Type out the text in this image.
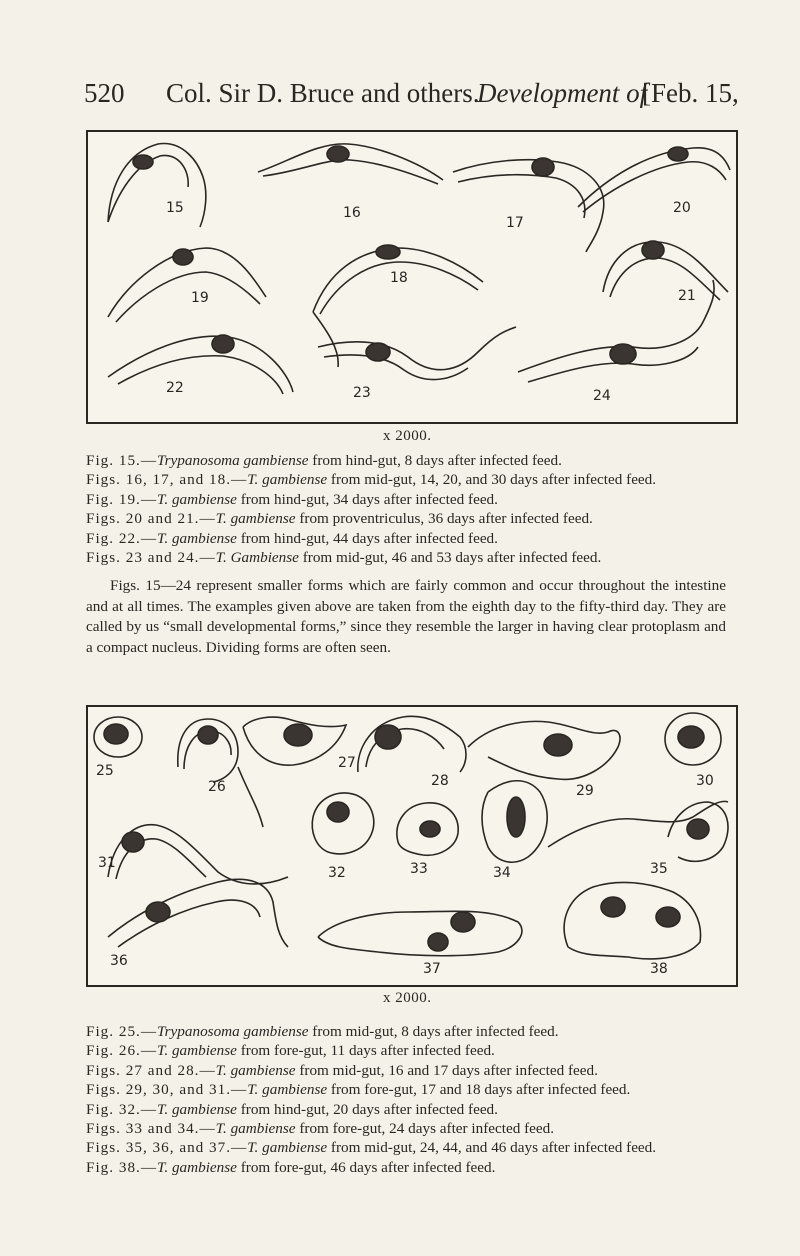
520 Col. Sir D. Bruce and others.
Development of
[Feb. 15,
15	16
17
18
19
20
21
22	23	24
x 2000.
Fig. 15.—Trypanosoma gambiense from hind-gut, 8 days after infected feed.
Figs. 16, 17, and 18.—T. gambiense from mid-gut, 14, 20, and 30 days after infected feed.
Fig. 19.—T. gambiense from hind-gut, 34 days after infected feed.
Figs. 20 and 21.—T. gambiense from proventriculus, 36 days after infected feed.
Fig. 22.—T. gambiense from hind-gut, 44 days after infected feed.
Figs. 23 and 24.—T. Gambiense from mid-gut, 46 and 53 days after infected feed.
Figs. 15—24 represent smaller forms which are fairly common and occur throughout the intestine and at all times. The examples given above are taken from the eighth day to the fifty-third day. They are called by us “small developmental forms,” since they resemble the larger in having clear protoplasm and a compact nucleus. Dividing forms are often seen.
25
26
27
28
29
30
31
32	33	34	35
36	37	38
x 2000.
Fig. 25.—Trypanosoma gambiense from mid-gut, 8 days after infected feed.
Fig. 26.—T. gambiense from fore-gut, 11 days after infected feed.
Figs. 27 and 28.—T. gambiense from mid-gut, 16 and 17 days after infected feed.
Figs. 29, 30, and 31.—T. gambiense from fore-gut, 17 and 18 days after infected feed.
Fig. 32.—T. gambiense from hind-gut, 20 days after infected feed.
Figs. 33 and 34.—T. gambiense from fore-gut, 24 days after infected feed.
Figs. 35, 36, and 37.—T. gambiense from mid-gut, 24, 44, and 46 days after infected feed.
Fig. 38.—T. gambiense from fore-gut, 46 days after infected feed.
